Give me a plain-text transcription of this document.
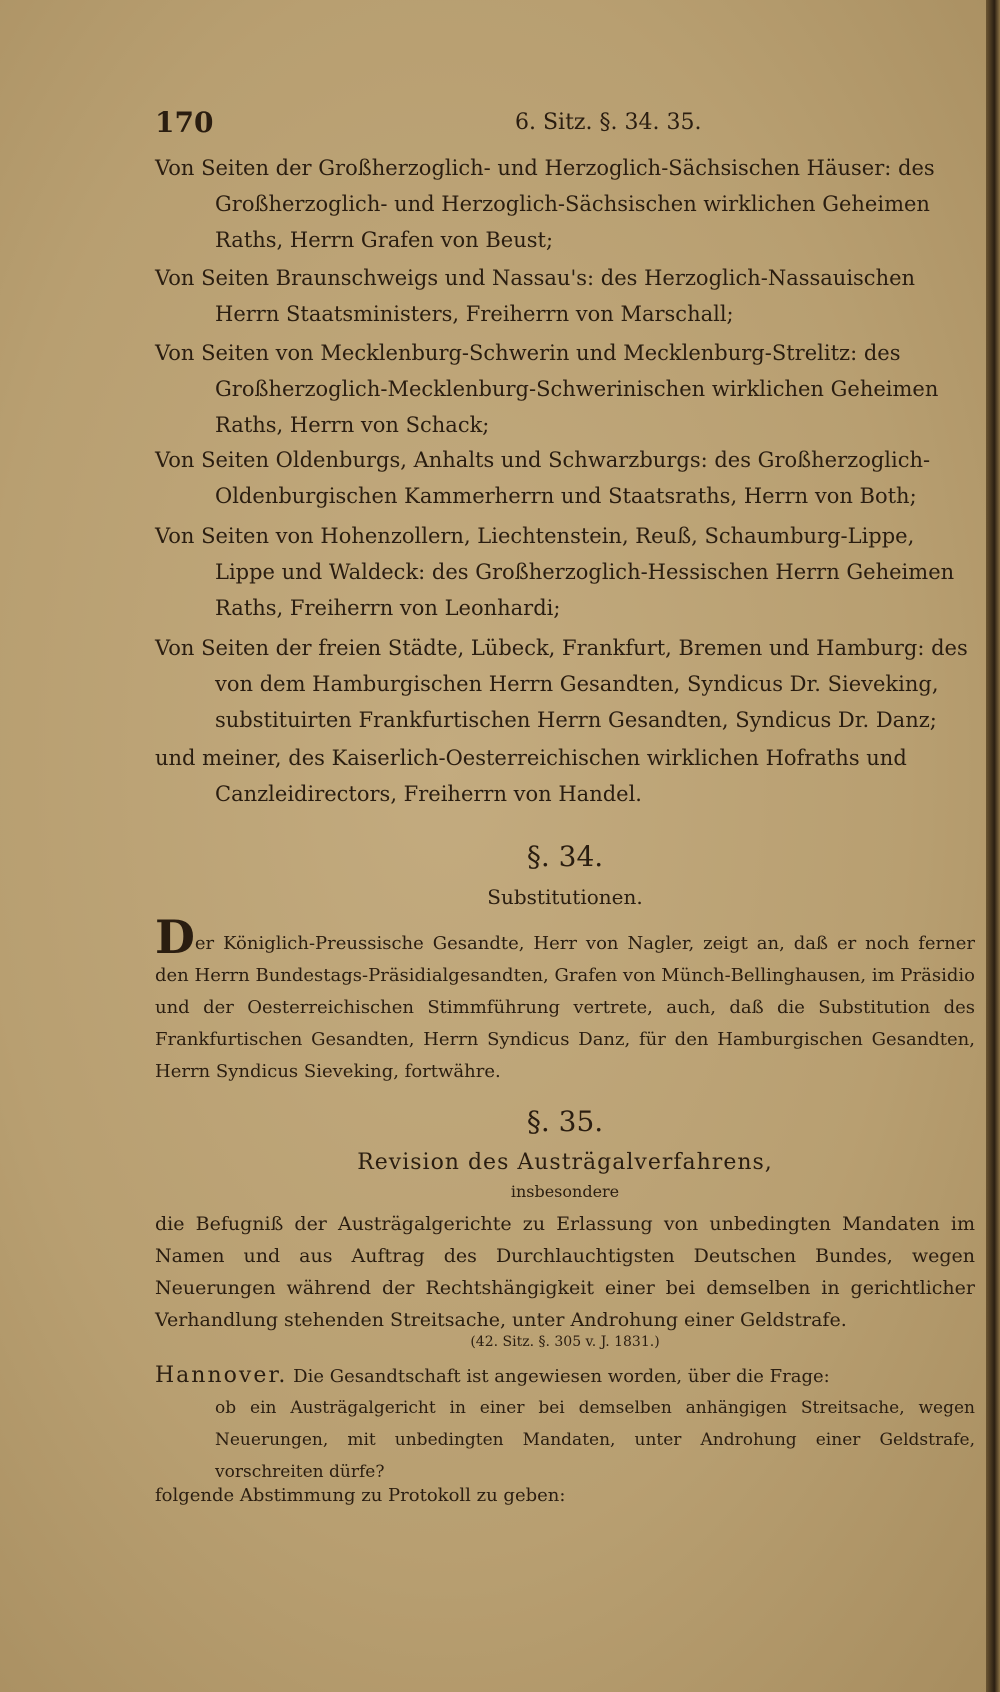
170	6. Sitz. §. 34. 35.
Von Seiten der Großherzoglich- und Herzoglich-Sächsischen Häuser: des Großherzoglich- und Herzoglich-Sächsischen wirklichen Geheimen Raths, Herrn Grafen von Beust;
Von Seiten Braunschweigs und Nassau's: des Herzoglich-Nassauischen Herrn Staatsministers, Freiherrn von Marschall;
Von Seiten von Mecklenburg-Schwerin und Mecklenburg-Strelitz: des Großherzoglich-Mecklenburg-Schwerinischen wirklichen Geheimen Raths, Herrn von Schack;
Von Seiten Oldenburgs, Anhalts und Schwarzburgs: des Großherzoglich-Oldenburgischen Kammerherrn und Staatsraths, Herrn von Both;
Von Seiten von Hohenzollern, Liechtenstein, Reuß, Schaumburg-Lippe, Lippe und Waldeck: des Großherzoglich-Hessischen Herrn Geheimen Raths, Freiherrn von Leonhardi;
Von Seiten der freien Städte, Lübeck, Frankfurt, Bremen und Hamburg: des von dem Hamburgischen Herrn Gesandten, Syndicus Dr. Sieveking, substituirten Frankfurtischen Herrn Gesandten, Syndicus Dr. Danz;
und meiner, des Kaiserlich-Oesterreichischen wirklichen Hofraths und Canzleidirectors, Freiherrn von Handel.
§. 34.
Substitutionen.
Der Königlich-Preussische Gesandte, Herr von Nagler, zeigt an, daß er noch ferner den Herrn Bundestags-Präsidialgesandten, Grafen von Münch-Bellinghausen, im Präsidio und der Oesterreichischen Stimmführung vertrete, auch, daß die Substitution des Frankfurtischen Gesandten, Herrn Syndicus Danz, für den Hamburgischen Gesandten, Herrn Syndicus Sieveking, fortwähre.
§. 35.
Revision des Austrägalverfahrens,
insbesondere
die Befugniß der Austrägalgerichte zu Erlassung von unbedingten Mandaten im Namen und aus Auftrag des Durchlauchtigsten Deutschen Bundes, wegen Neuerungen während der Rechtshängigkeit einer bei demselben in gerichtlicher Verhandlung stehenden Streitsache, unter Androhung einer Geldstrafe.
(42. Sitz. §. 305 v. J. 1831.)
Hannover. Die Gesandtschaft ist angewiesen worden, über die Frage:
ob ein Austrägalgericht in einer bei demselben anhängigen Streitsache, wegen Neuerungen, mit unbedingten Mandaten, unter Androhung einer Geldstrafe, vorschreiten dürfe?
folgende Abstimmung zu Protokoll zu geben:
